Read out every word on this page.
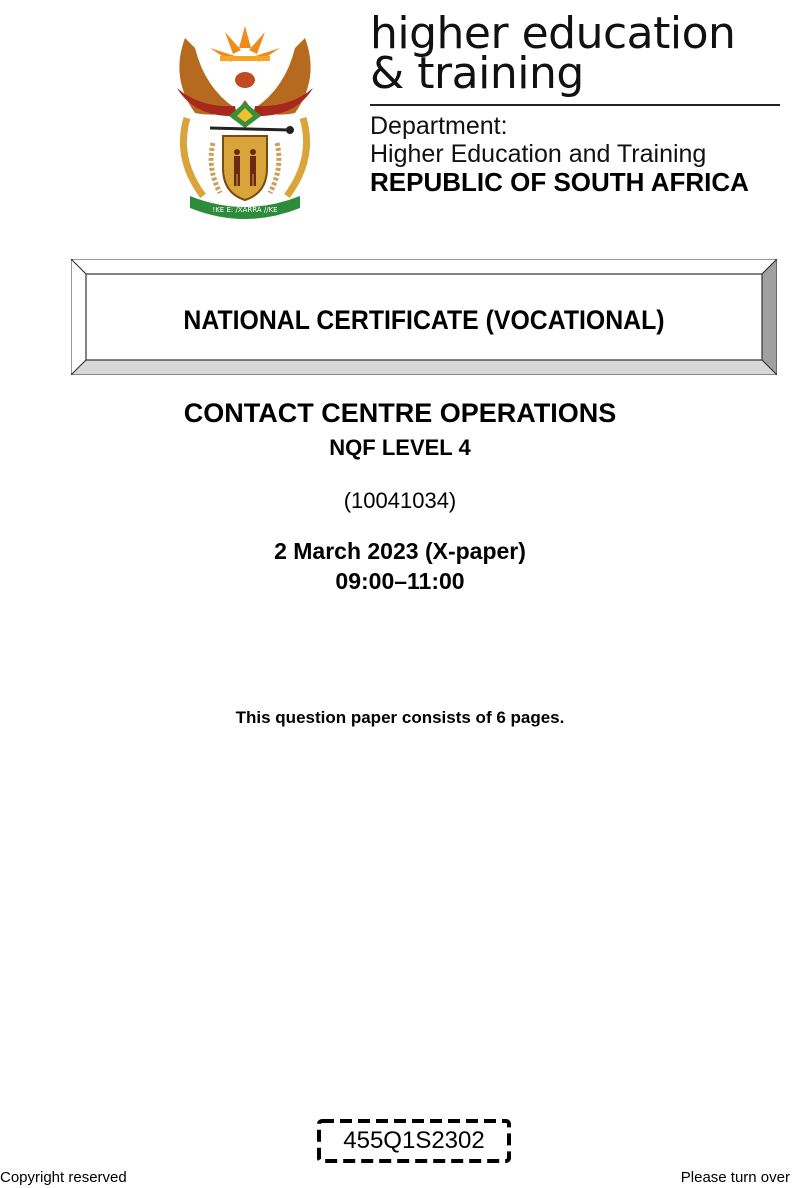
!KE E: /XARRA //KE
higher education
& training
Department:
Higher Education and Training
REPUBLIC OF SOUTH AFRICA
NATIONAL CERTIFICATE (VOCATIONAL)
CONTACT CENTRE OPERATIONS
NQF LEVEL 4
(10041034)
2 March 2023 (X-paper)
09:00–11:00
This question paper consists of 6 pages.
455Q1S2302
Copyright reserved	Please turn over
